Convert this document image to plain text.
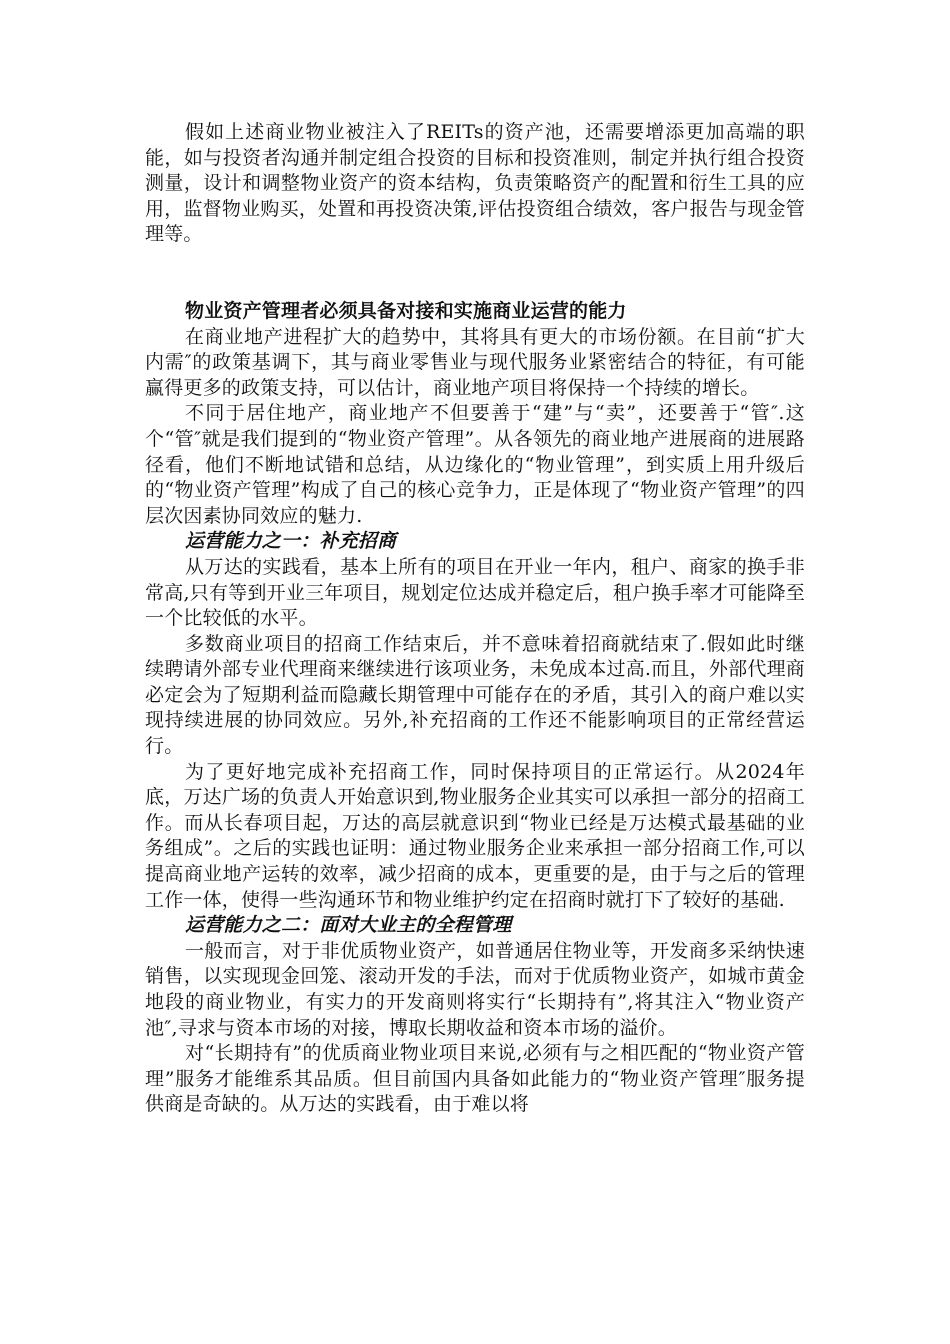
假如上述商业物业被注入了REITs的资产池，还需要增添更加高端的职能，如与投资者沟通并制定组合投资的目标和投资准则，制定并执行组合投资测量，设计和调整物业资产的资本结构，负责策略资产的配置和衍生工具的应用，监督物业购买，处置和再投资决策,评估投资组合绩效，客户报告与现金管理等。

物业资产管理者必须具备对接和实施商业运营的能力

在商业地产进程扩大的趋势中，其将具有更大的市场份额。在目前“扩大内需″的政策基调下，其与商业零售业与现代服务业紧密结合的特征，有可能赢得更多的政策支持，可以估计，商业地产项目将保持一个持续的增长。

不同于居住地产，商业地产不但要善于“建”与“卖”，还要善于“管″.这个“管″就是我们提到的“物业资产管理”。从各领先的商业地产进展商的进展路径看，他们不断地试错和总结，从边缘化的“物业管理”，到实质上用升级后的“物业资产管理”构成了自己的核心竞争力，正是体现了“物业资产管理”的四层次因素协同效应的魅力.

运营能力之一：补充招商

从万达的实践看，基本上所有的项目在开业一年内，租户、商家的换手非常高,只有等到开业三年项目，规划定位达成并稳定后，租户换手率才可能降至一个比较低的水平。

多数商业项目的招商工作结束后，并不意味着招商就结束了.假如此时继续聘请外部专业代理商来继续进行该项业务，未免成本过高.而且，外部代理商必定会为了短期利益而隐藏长期管理中可能存在的矛盾，其引入的商户难以实现持续进展的协同效应。另外,补充招商的工作还不能影响项目的正常经营运行。

为了更好地完成补充招商工作，同时保持项目的正常运行。从2024年底，万达广场的负责人开始意识到,物业服务企业其实可以承担一部分的招商工作。而从长春项目起，万达的高层就意识到“物业已经是万达模式最基础的业务组成”。之后的实践也证明：通过物业服务企业来承担一部分招商工作,可以提高商业地产运转的效率，减少招商的成本，更重要的是，由于与之后的管理工作一体，使得一些沟通环节和物业维护约定在招商时就打下了较好的基础.

运营能力之二：面对大业主的全程管理

一般而言，对于非优质物业资产，如普通居住物业等，开发商多采纳快速销售，以实现现金回笼、滚动开发的手法，而对于优质物业资产，如城市黄金地段的商业物业，有实力的开发商则将实行“长期持有”,将其注入“物业资产池″,寻求与资本市场的对接，博取长期收益和资本市场的溢价。

对“长期持有”的优质商业物业项目来说,必须有与之相匹配的“物业资产管理”服务才能维系其品质。但目前国内具备如此能力的“物业资产管理″服务提供商是奇缺的。从万达的实践看，由于难以将
